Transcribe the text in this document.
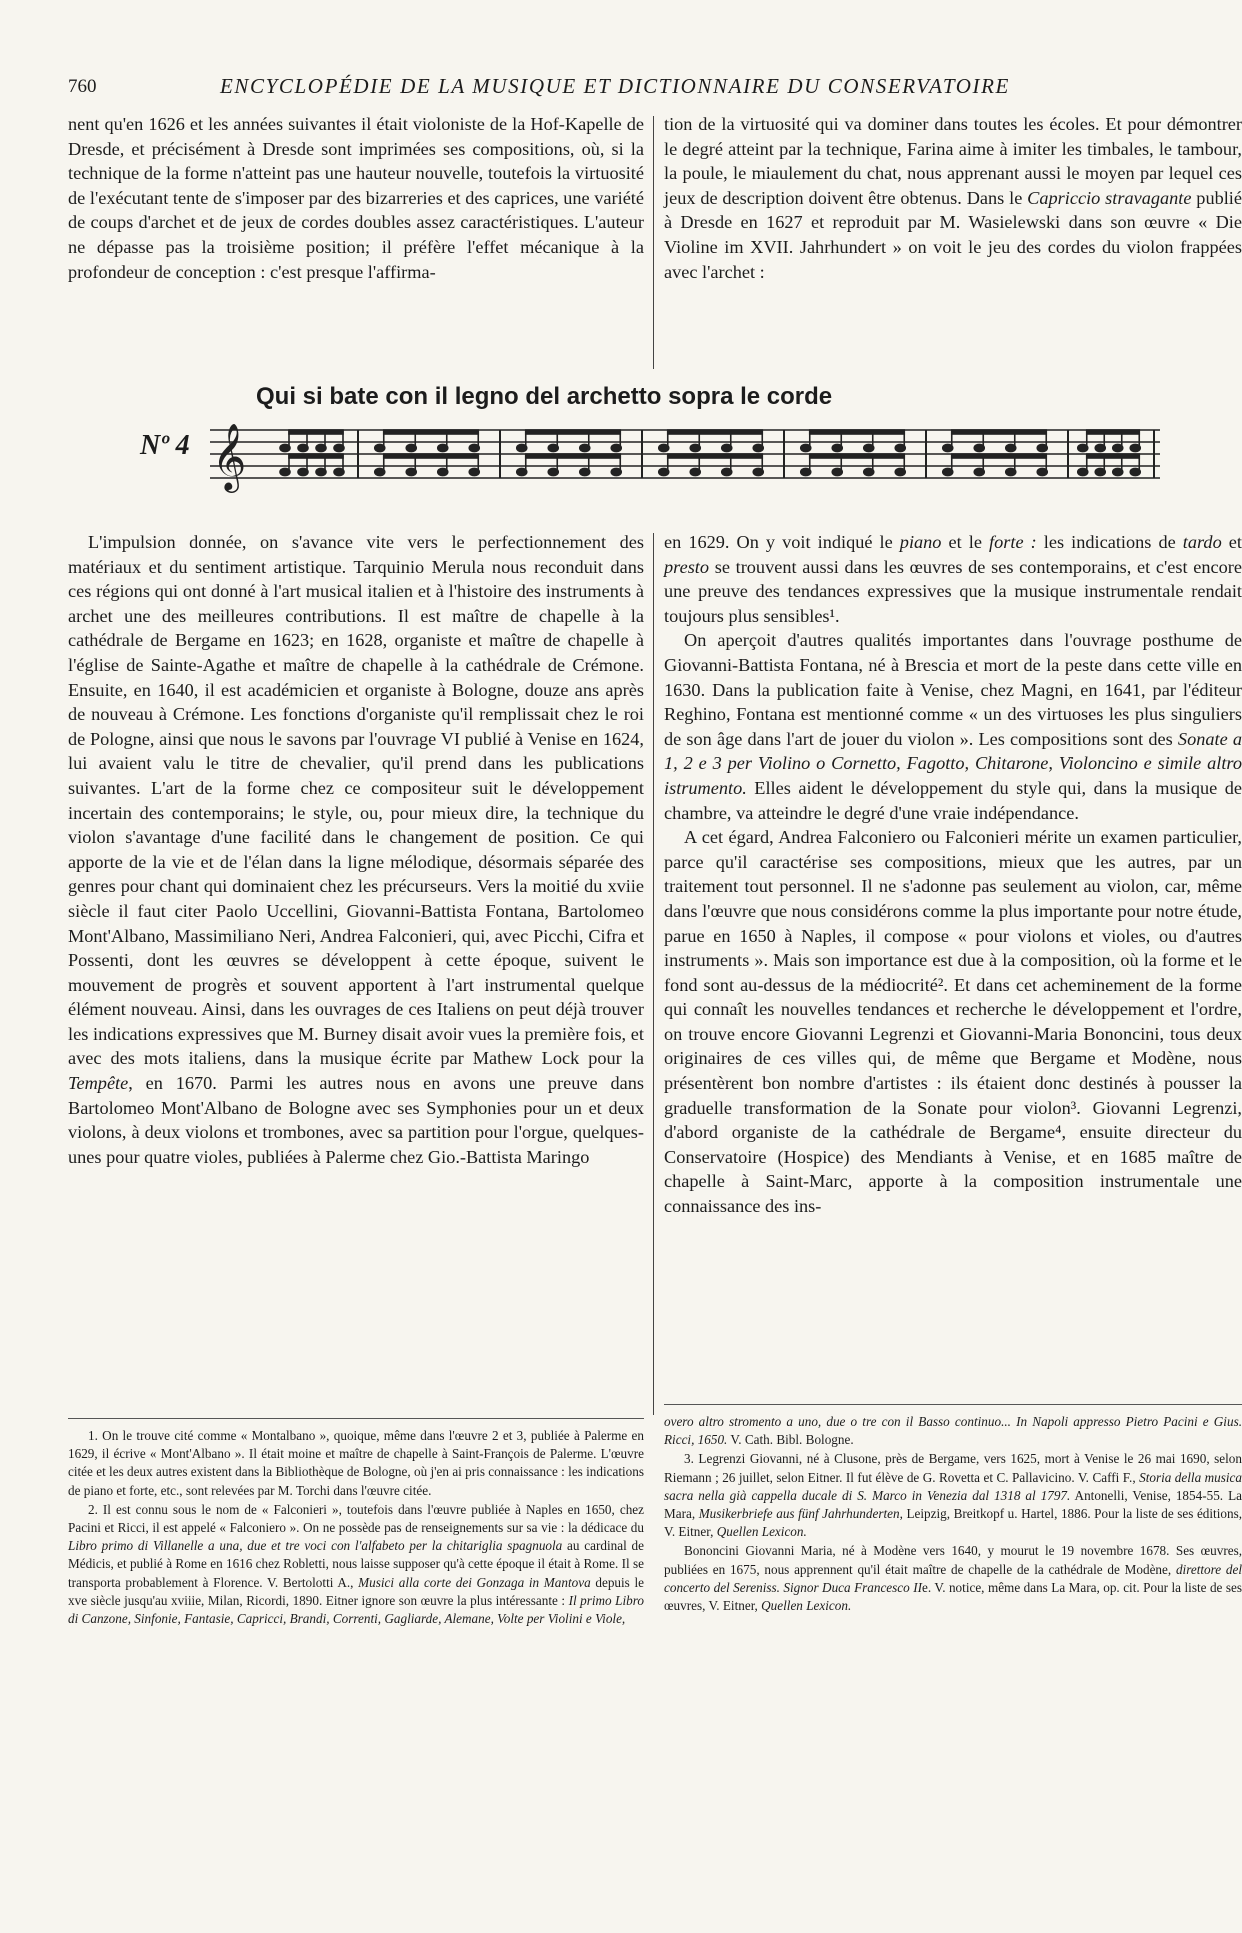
760	ENCYCLOPÉDIE DE LA MUSIQUE ET DICTIONNAIRE DU CONSERVATOIRE

nent qu'en 1626 et les années suivantes il était violoniste de la Hof-Kapelle de Dresde, et précisément à Dresde sont imprimées ses compositions, où, si la technique de la forme n'atteint pas une hauteur nouvelle, toutefois la virtuosité de l'exécutant tente de s'imposer par des bizarreries et des caprices, une variété de coups d'archet et de jeux de cordes doubles assez caractéristiques. L'auteur ne dépasse pas la troisième position; il préfère l'effet mécanique à la profondeur de conception : c'est presque l'affirma-

tion de la virtuosité qui va dominer dans toutes les écoles. Et pour démontrer le degré atteint par la technique, Farina aime à imiter les timbales, le tambour, la poule, le miaulement du chat, nous apprenant aussi le moyen par lequel ces jeux de description doivent être obtenus. Dans le Capriccio stravagante publié à Dresde en 1627 et reproduit par M. Wasielewski dans son œuvre « Die Violine im XVII. Jahrhundert » on voit le jeu des cordes du violon frappées avec l'archet :

Qui si bate con il legno del archetto sopra le corde
Nº 4 𝄞

L'impulsion donnée, on s'avance vite vers le perfectionnement des matériaux et du sentiment artistique. Tarquinio Merula nous reconduit dans ces régions qui ont donné à l'art musical italien et à l'histoire des instruments à archet une des meilleures contributions. Il est maître de chapelle à la cathédrale de Bergame en 1623; en 1628, organiste et maître de chapelle à l'église de Sainte-Agathe et maître de chapelle à la cathédrale de Crémone. Ensuite, en 1640, il est académicien et organiste à Bologne, douze ans après de nouveau à Crémone. Les fonctions d'organiste qu'il remplissait chez le roi de Pologne, ainsi que nous le savons par l'ouvrage VI publié à Venise en 1624, lui avaient valu le titre de chevalier, qu'il prend dans les publications suivantes. L'art de la forme chez ce compositeur suit le développement incertain des contemporains; le style, ou, pour mieux dire, la technique du violon s'avantage d'une facilité dans le changement de position. Ce qui apporte de la vie et de l'élan dans la ligne mélodique, désormais séparée des genres pour chant qui dominaient chez les précurseurs. Vers la moitié du xviie siècle il faut citer Paolo Uccellini, Giovanni-Battista Fontana, Bartolomeo Mont'Albano, Massimiliano Neri, Andrea Falconieri, qui, avec Picchi, Cifra et Possenti, dont les œuvres se développent à cette époque, suivent le mouvement de progrès et souvent apportent à l'art instrumental quelque élément nouveau. Ainsi, dans les ouvrages de ces Italiens on peut déjà trouver les indications expressives que M. Burney disait avoir vues la première fois, et avec des mots italiens, dans la musique écrite par Mathew Lock pour la Tempête, en 1670. Parmi les autres nous en avons une preuve dans Bartolomeo Mont'Albano de Bologne avec ses Symphonies pour un et deux violons, à deux violons et trombones, avec sa partition pour l'orgue, quelques-unes pour quatre violes, publiées à Palerme chez Gio.-Battista Maringo

en 1629. On y voit indiqué le piano et le forte : les indications de tardo et presto se trouvent aussi dans les œuvres de ses contemporains, et c'est encore une preuve des tendances expressives que la musique instrumentale rendait toujours plus sensibles¹.

On aperçoit d'autres qualités importantes dans l'ouvrage posthume de Giovanni-Battista Fontana, né à Brescia et mort de la peste dans cette ville en 1630. Dans la publication faite à Venise, chez Magni, en 1641, par l'éditeur Reghino, Fontana est mentionné comme « un des virtuoses les plus singuliers de son âge dans l'art de jouer du violon ». Les compositions sont des Sonate a 1, 2 e 3 per Violino o Cornetto, Fagotto, Chitarone, Violoncino e simile altro istrumento. Elles aident le développement du style qui, dans la musique de chambre, va atteindre le degré d'une vraie indépendance.

A cet égard, Andrea Falconiero ou Falconieri mérite un examen particulier, parce qu'il caractérise ses compositions, mieux que les autres, par un traitement tout personnel. Il ne s'adonne pas seulement au violon, car, même dans l'œuvre que nous considérons comme la plus importante pour notre étude, parue en 1650 à Naples, il compose « pour violons et violes, ou d'autres instruments ». Mais son importance est due à la composition, où la forme et le fond sont au-dessus de la médiocrité². Et dans cet acheminement de la forme qui connaît les nouvelles tendances et recherche le développement et l'ordre, on trouve encore Giovanni Legrenzi et Giovanni-Maria Bononcini, tous deux originaires de ces villes qui, de même que Bergame et Modène, nous présentèrent bon nombre d'artistes : ils étaient donc destinés à pousser la graduelle transformation de la Sonate pour violon³. Giovanni Legrenzi, d'abord organiste de la cathédrale de Bergame⁴, ensuite directeur du Conservatoire (Hospice) des Mendiants à Venise, et en 1685 maître de chapelle à Saint-Marc, apporte à la composition instrumentale une connaissance des ins-

1. On le trouve cité comme « Montalbano », quoique, même dans l'œuvre 2 et 3, publiée à Palerme en 1629, il écrive « Mont'Albano ». Il était moine et maître de chapelle à Saint-François de Palerme. L'œuvre citée et les deux autres existent dans la Bibliothèque de Bologne, où j'en ai pris connaissance : les indications de piano et forte, etc., sont relevées par M. Torchi dans l'œuvre citée.

2. Il est connu sous le nom de « Falconieri », toutefois dans l'œuvre publiée à Naples en 1650, chez Pacini et Ricci, il est appelé « Falconiero ». On ne possède pas de renseignements sur sa vie : la dédicace du Libro primo di Villanelle a una, due et tre voci con l'alfabeto per la chitariglia spagnuola au cardinal de Médicis, et publié à Rome en 1616 chez Robletti, nous laisse supposer qu'à cette époque il était à Rome. Il se transporta probablement à Florence. V. Bertolotti A., Musici alla corte dei Gonzaga in Mantova depuis le xve siècle jusqu'au xviiie, Milan, Ricordi, 1890. Eitner ignore son œuvre la plus intéressante : Il primo Libro di Canzone, Sinfonie, Fantasie, Capricci, Brandi, Correnti, Gagliarde, Alemane, Volte per Violini e Viole,

overo altro stromento a uno, due o tre con il Basso continuo... In Napoli appresso Pietro Pacini e Gius. Ricci, 1650. V. Cath. Bibl. Bologne.

3. Legrenzi Giovanni, né à Clusone, près de Bergame, vers 1625, mort à Venise le 26 mai 1690, selon Riemann ; 26 juillet, selon Eitner. Il fut élève de G. Rovetta et C. Pallavicino. V. Caffi F., Storia della musica sacra nella già cappella ducale di S. Marco in Venezia dal 1318 al 1797. Antonelli, Venise, 1854-55. La Mara, Musikerbriefe aus fünf Jahrhunderten, Leipzig, Breitkopf u. Hartel, 1886. Pour la liste de ses éditions, V. Eitner, Quellen Lexicon.

Bononcini Giovanni Maria, né à Modène vers 1640, y mourut le 19 novembre 1678. Ses œuvres, publiées en 1675, nous apprennent qu'il était maître de chapelle de la cathédrale de Modène, direttore del concerto del Sereniss. Signor Duca Francesco IIe. V. notice, même dans La Mara, op. cit. Pour la liste de ses œuvres, V. Eitner, Quellen Lexicon.
